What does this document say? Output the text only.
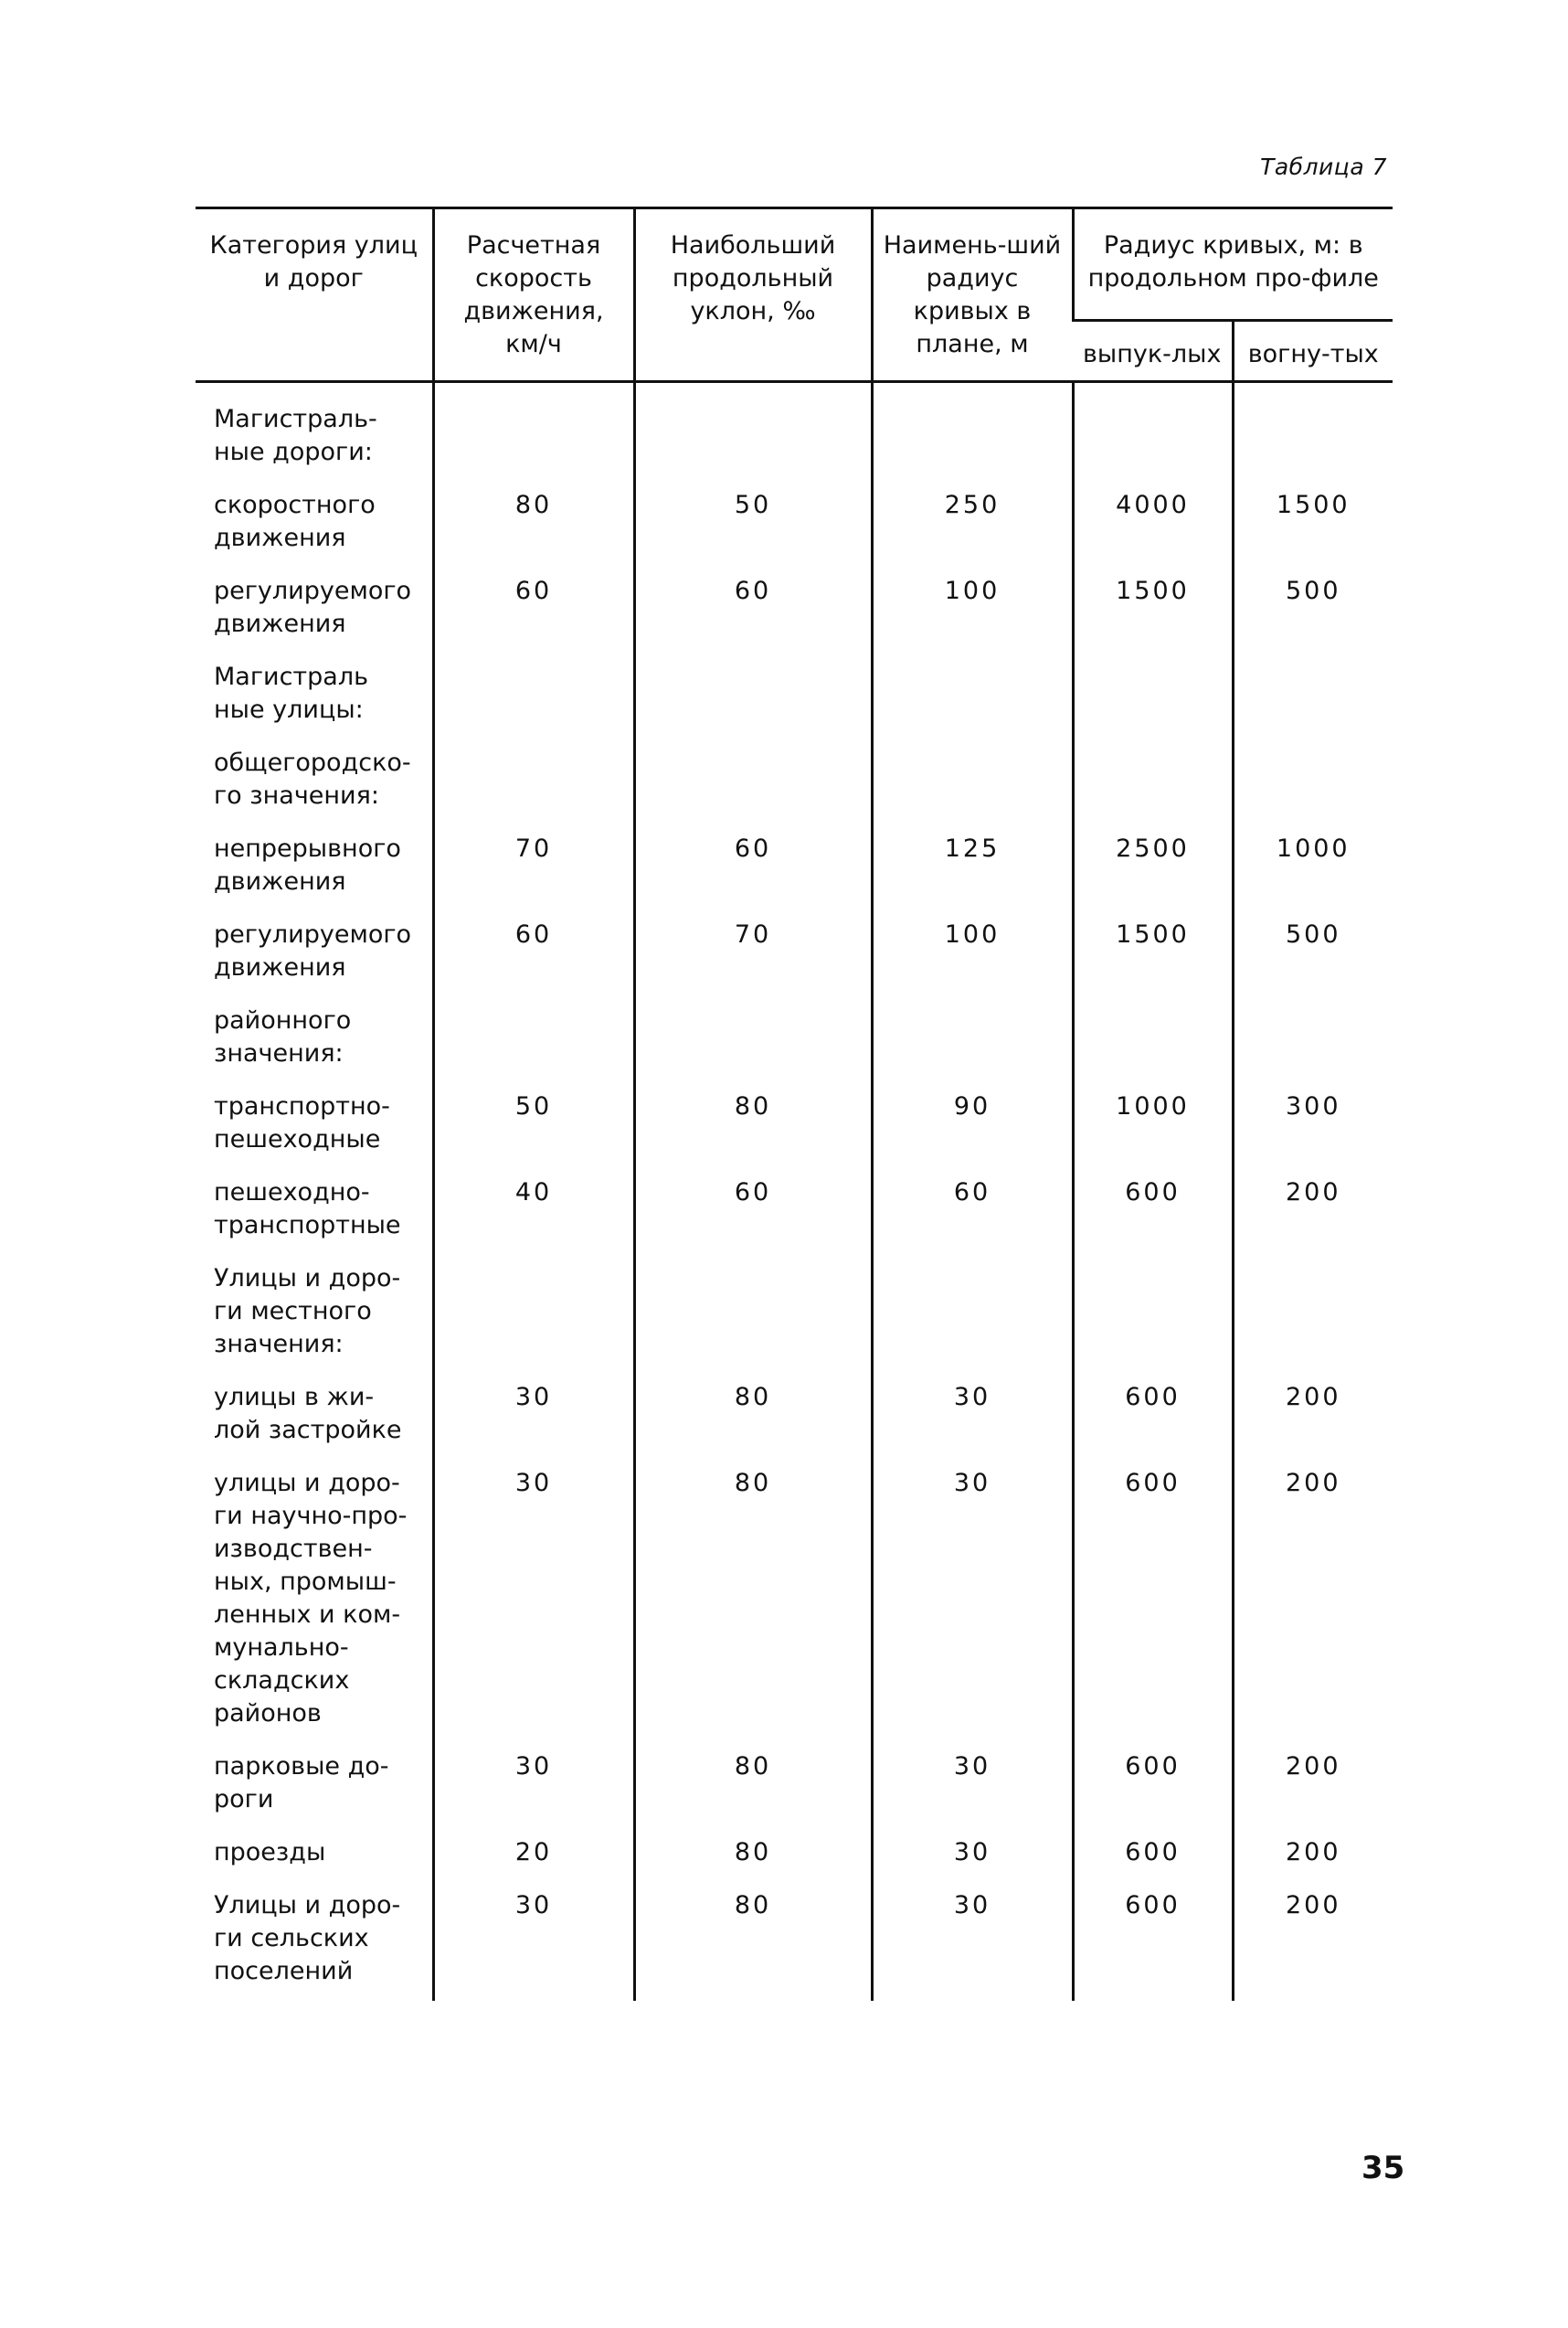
Таблица 7
Категория улиц и дорог	Расчетная скорость движения, км/ч	Наибольший продольный уклон, ‰	Наимень-ший радиус кривых в плане, м	Радиус кривых, м: в продольном про-филе	
				выпук-лых	вогну-тых
Магистраль-ные дороги:					
скоростного движения	80	50	250	4000	1500
регулируемого движения	60	60	100	1500	500
Магистраль ные улицы:					
общегородско-го значения:					
непрерывного движения	70	60	125	2500	1000
регулируемого движения	60	70	100	1500	500
районного значения:					
транспортно-пешеходные	50	80	90	1000	300
пешеходно-транспортные	40	60	60	600	200
Улицы и доро-ги местного значения:					
улицы в жи-лой застройке	30	80	30	600	200
улицы и доро-ги научно-про-изводствен-ных, промыш-ленных и ком-мунально-складских районов	30	80	30	600	200
парковые до-роги	30	80	30	600	200
проезды	20	80	30	600	200
Улицы и доро-ги сельских поселений	30	80	30	600	200
35
